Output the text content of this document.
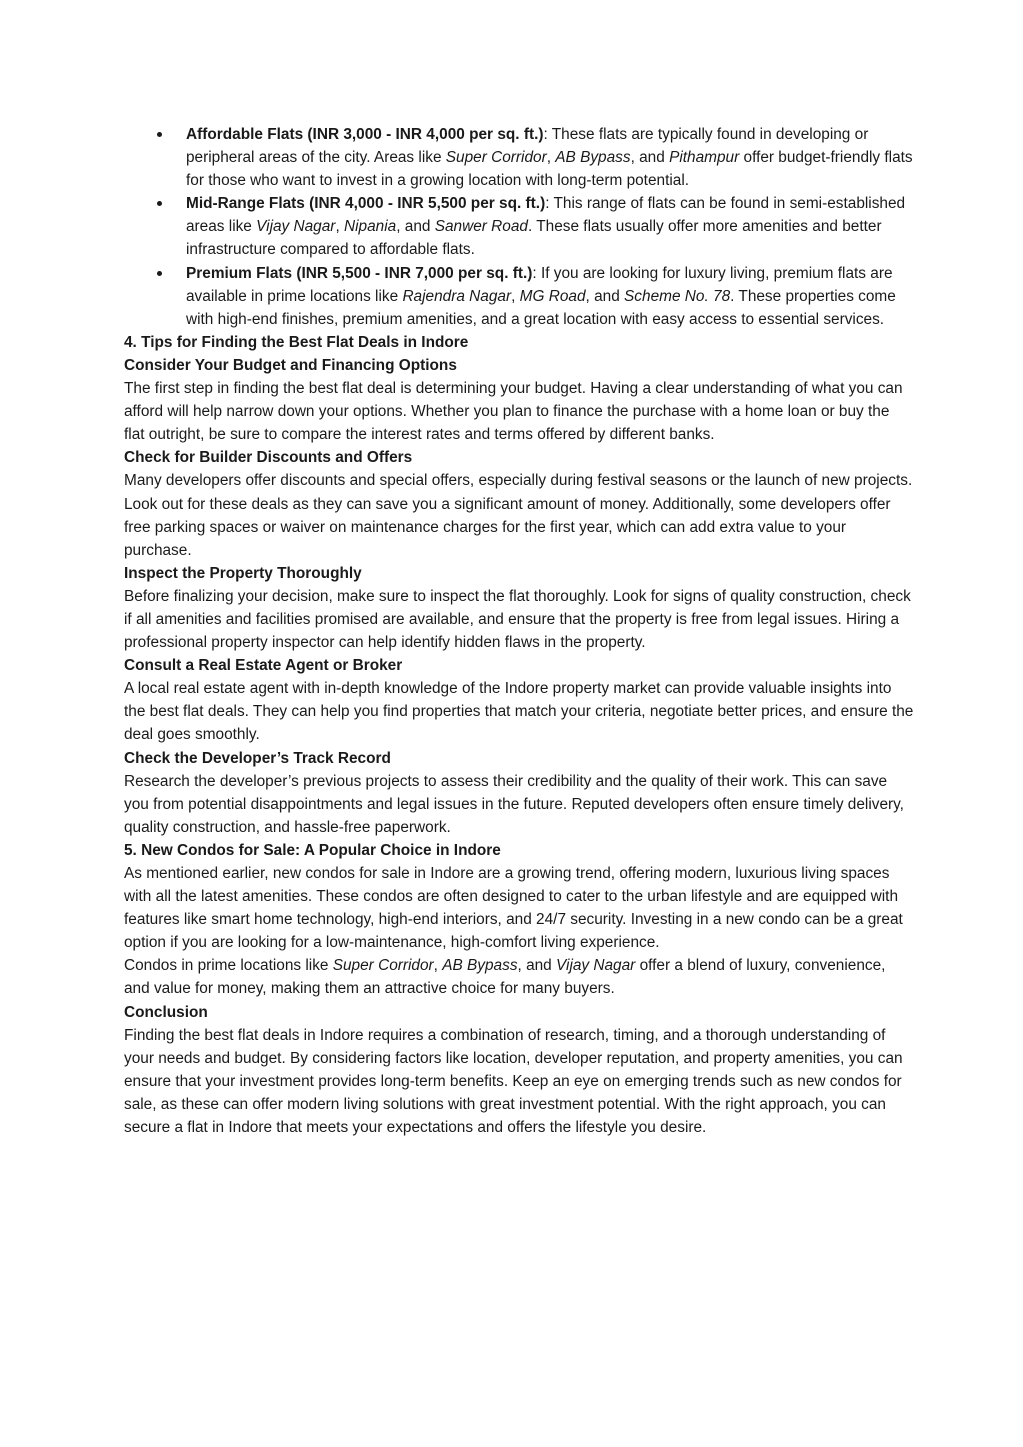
Affordable Flats (INR 3,000 - INR 4,000 per sq. ft.): These flats are typically found in developing or peripheral areas of the city. Areas like Super Corridor, AB Bypass, and Pithampur offer budget-friendly flats for those who want to invest in a growing location with long-term potential.
Mid-Range Flats (INR 4,000 - INR 5,500 per sq. ft.): This range of flats can be found in semi-established areas like Vijay Nagar, Nipania, and Sanwer Road. These flats usually offer more amenities and better infrastructure compared to affordable flats.
Premium Flats (INR 5,500 - INR 7,000 per sq. ft.): If you are looking for luxury living, premium flats are available in prime locations like Rajendra Nagar, MG Road, and Scheme No. 78. These properties come with high-end finishes, premium amenities, and a great location with easy access to essential services.

4. Tips for Finding the Best Flat Deals in Indore

Consider Your Budget and Financing Options

The first step in finding the best flat deal is determining your budget. Having a clear understanding of what you can afford will help narrow down your options. Whether you plan to finance the purchase with a home loan or buy the flat outright, be sure to compare the interest rates and terms offered by different banks.

Check for Builder Discounts and Offers

Many developers offer discounts and special offers, especially during festival seasons or the launch of new projects. Look out for these deals as they can save you a significant amount of money. Additionally, some developers offer free parking spaces or waiver on maintenance charges for the first year, which can add extra value to your purchase.

Inspect the Property Thoroughly

Before finalizing your decision, make sure to inspect the flat thoroughly. Look for signs of quality construction, check if all amenities and facilities promised are available, and ensure that the property is free from legal issues. Hiring a professional property inspector can help identify hidden flaws in the property.

Consult a Real Estate Agent or Broker

A local real estate agent with in-depth knowledge of the Indore property market can provide valuable insights into the best flat deals. They can help you find properties that match your criteria, negotiate better prices, and ensure the deal goes smoothly.

Check the Developer’s Track Record

Research the developer’s previous projects to assess their credibility and the quality of their work. This can save you from potential disappointments and legal issues in the future. Reputed developers often ensure timely delivery, quality construction, and hassle-free paperwork.

5. New Condos for Sale: A Popular Choice in Indore

As mentioned earlier, new condos for sale in Indore are a growing trend, offering modern, luxurious living spaces with all the latest amenities. These condos are often designed to cater to the urban lifestyle and are equipped with features like smart home technology, high-end interiors, and 24/7 security. Investing in a new condo can be a great option if you are looking for a low-maintenance, high-comfort living experience.

Condos in prime locations like Super Corridor, AB Bypass, and Vijay Nagar offer a blend of luxury, convenience, and value for money, making them an attractive choice for many buyers.

Conclusion

Finding the best flat deals in Indore requires a combination of research, timing, and a thorough understanding of your needs and budget. By considering factors like location, developer reputation, and property amenities, you can ensure that your investment provides long-term benefits. Keep an eye on emerging trends such as new condos for sale, as these can offer modern living solutions with great investment potential. With the right approach, you can secure a flat in Indore that meets your expectations and offers the lifestyle you desire.
